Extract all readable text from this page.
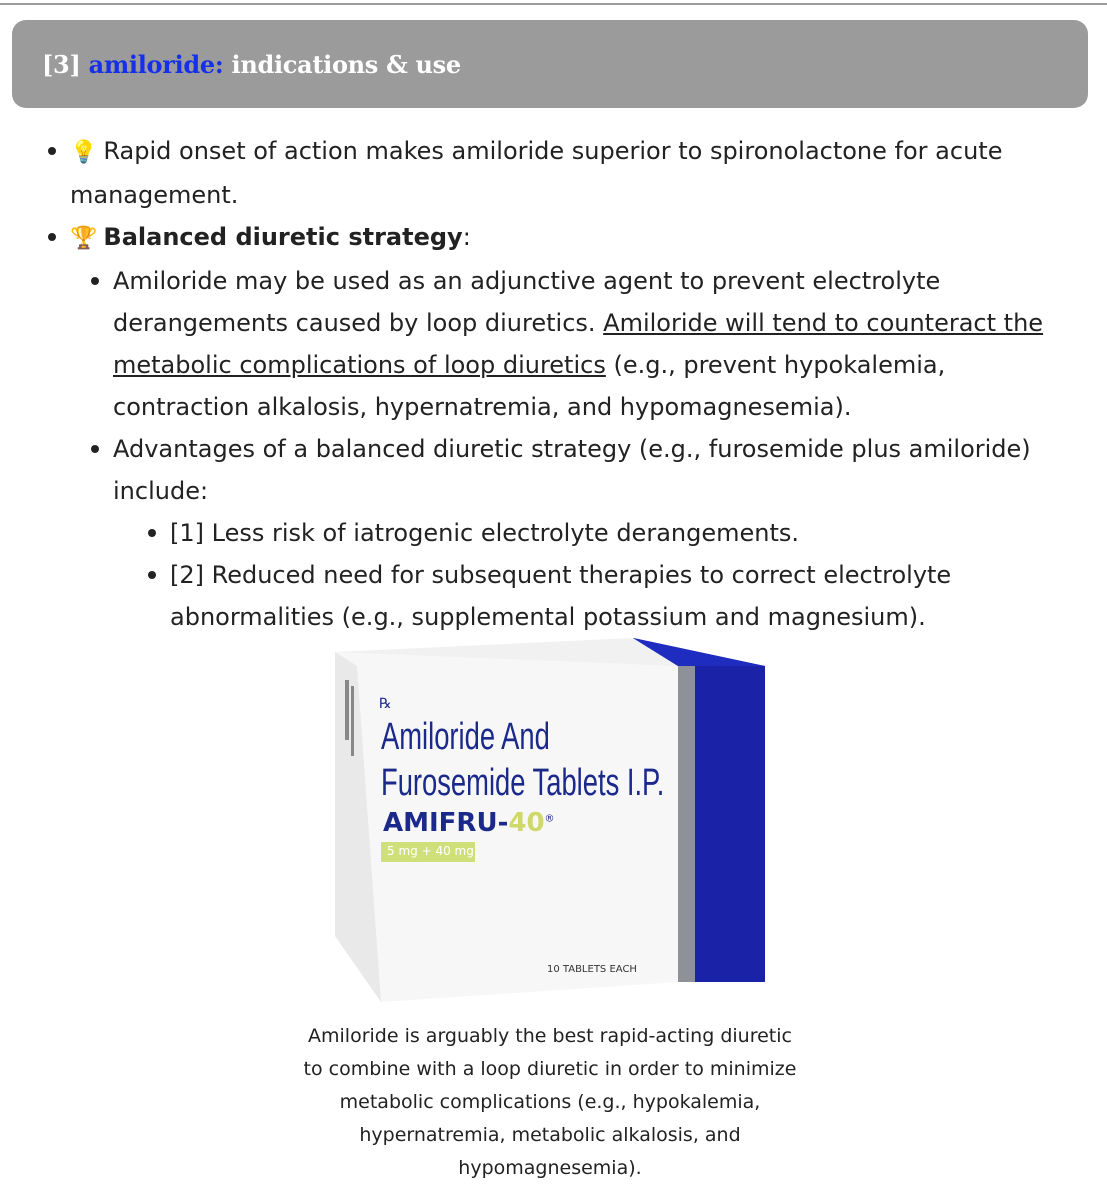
[3] amiloride: indications & use
💡 Rapid onset of action makes amiloride superior to spironolactone for acute management.
🏆 Balanced diuretic strategy:
Amiloride may be used as an adjunctive agent to prevent electrolyte derangements caused by loop diuretics. Amiloride will tend to counteract the metabolic complications of loop diuretics (e.g., prevent hypokalemia, contraction alkalosis, hypernatremia, and hypomagnesemia).
Advantages of a balanced diuretic strategy (e.g., furosemide plus amiloride) include:
[1] Less risk of iatrogenic electrolyte derangements.
[2] Reduced need for subsequent therapies to correct electrolyte abnormalities (e.g., supplemental potassium and magnesium).
℞
Amiloride And
Furosemide Tablets I.P.
AMIFRU-40®
5 mg + 40 mg
10 TABLETS EACH
Amiloride is arguably the best rapid-acting diuretic to combine with a loop diuretic in order to minimize metabolic complications (e.g., hypokalemia, hypernatremia, metabolic alkalosis, and hypomagnesemia).
